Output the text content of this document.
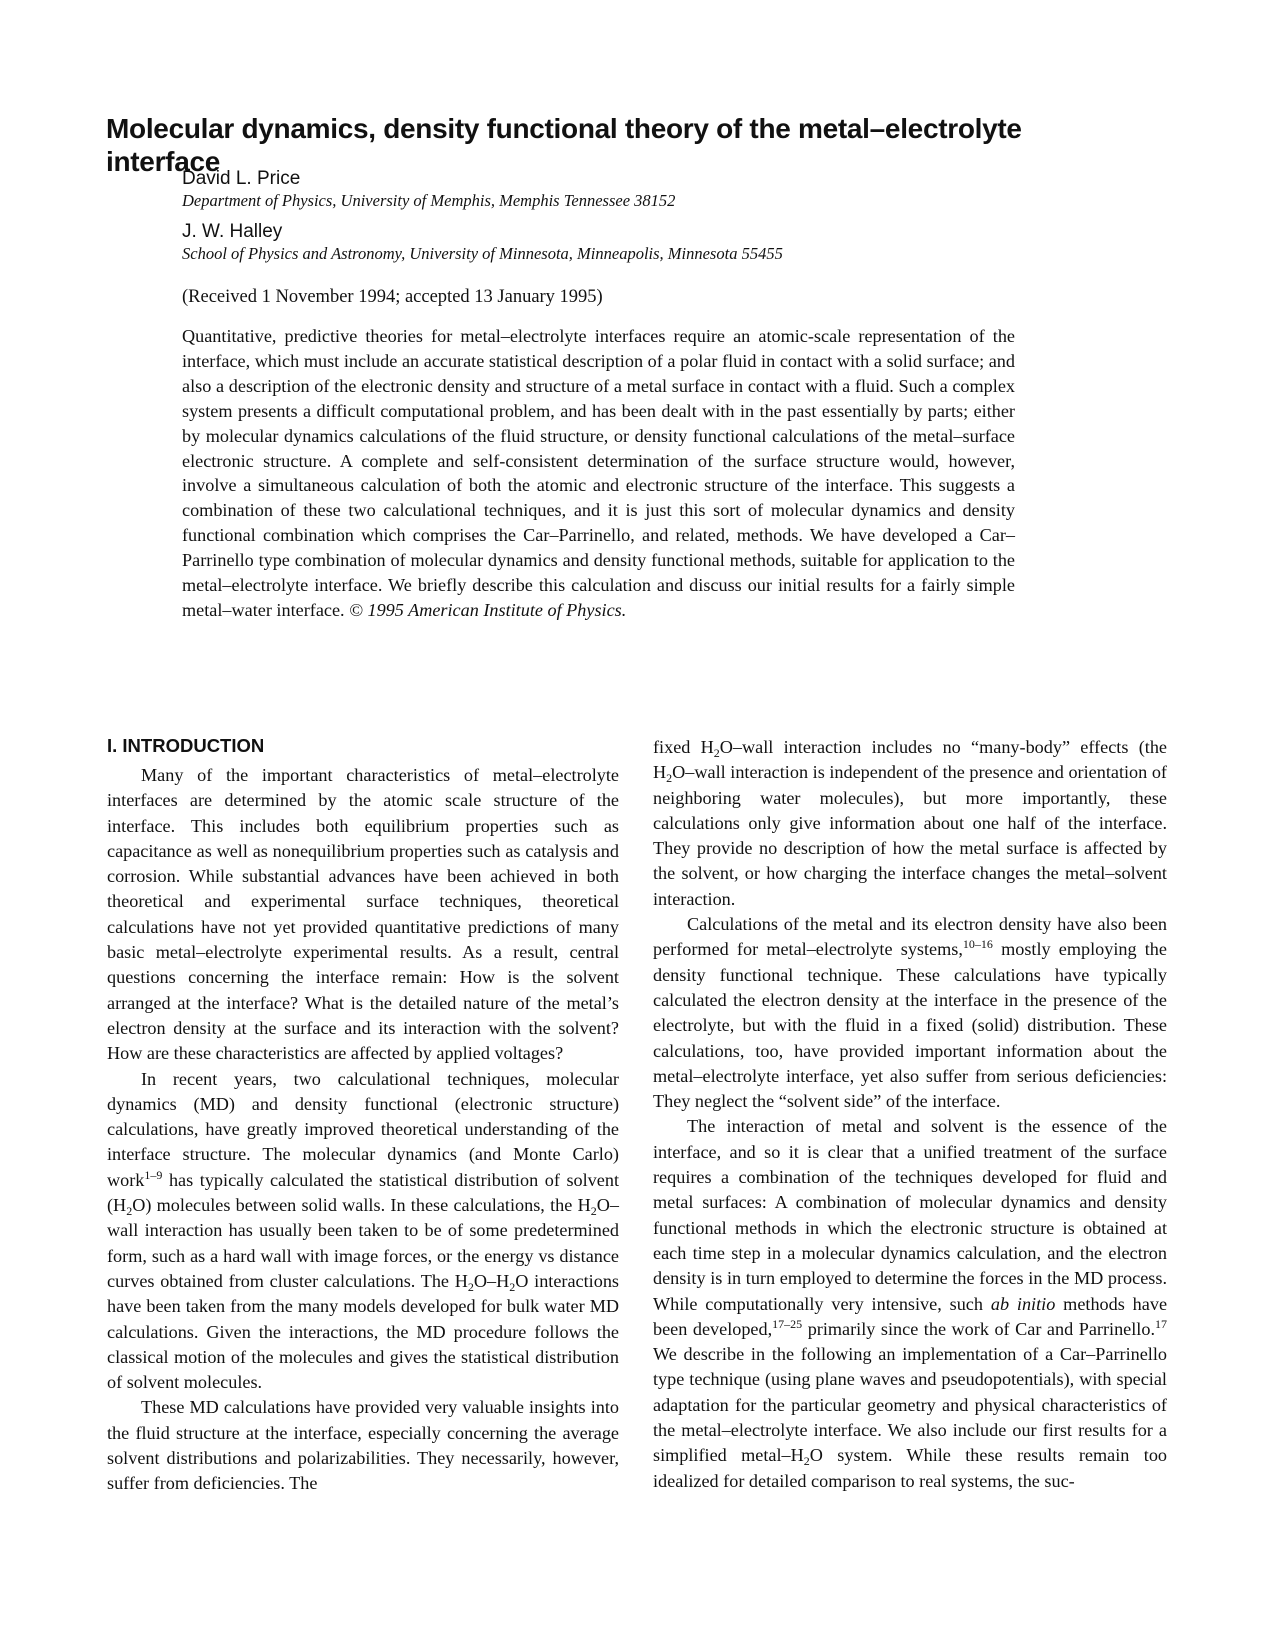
Molecular dynamics, density functional theory of the metal–electrolyte interface
David L. Price
Department of Physics, University of Memphis, Memphis Tennessee 38152
J. W. Halley
School of Physics and Astronomy, University of Minnesota, Minneapolis, Minnesota 55455
(Received 1 November 1994; accepted 13 January 1995)
Quantitative, predictive theories for metal–electrolyte interfaces require an atomic-scale representation of the interface, which must include an accurate statistical description of a polar fluid in contact with a solid surface; and also a description of the electronic density and structure of a metal surface in contact with a fluid. Such a complex system presents a difficult computational problem, and has been dealt with in the past essentially by parts; either by molecular dynamics calculations of the fluid structure, or density functional calculations of the metal–surface electronic structure. A complete and self-consistent determination of the surface structure would, however, involve a simultaneous calculation of both the atomic and electronic structure of the interface. This suggests a combination of these two calculational techniques, and it is just this sort of molecular dynamics and density functional combination which comprises the Car–Parrinello, and related, methods. We have developed a Car–Parrinello type combination of molecular dynamics and density functional methods, suitable for application to the metal–electrolyte interface. We briefly describe this calculation and discuss our initial results for a fairly simple metal–water interface. © 1995 American Institute of Physics.
I. INTRODUCTION

Many of the important characteristics of metal–electrolyte interfaces are determined by the atomic scale structure of the interface. This includes both equilibrium properties such as capacitance as well as nonequilibrium properties such as catalysis and corrosion. While substantial advances have been achieved in both theoretical and experimental surface techniques, theoretical calculations have not yet provided quantitative predictions of many basic metal–electrolyte experimental results. As a result, central questions concerning the interface remain: How is the solvent arranged at the interface? What is the detailed nature of the metal’s electron density at the surface and its interaction with the solvent? How are these characteristics are affected by applied voltages?

In recent years, two calculational techniques, molecular dynamics (MD) and density functional (electronic structure) calculations, have greatly improved theoretical understanding of the interface structure. The molecular dynamics (and Monte Carlo) work$^{1-9}$ has typically calculated the statistical distribution of solvent $(H_2O)$ molecules between solid walls. In these calculations, the $H_2O$–wall interaction has usually been taken to be of some predetermined form, such as a hard wall with image forces, or the energy vs distance curves obtained from cluster calculations. The $H_2O-H_2O$ interactions have been taken from the many models developed for bulk water MD calculations. Given the interactions, the MD procedure follows the classical motion of the molecules and gives the statistical distribution of solvent molecules.

These MD calculations have provided very valuable insights into the fluid structure at the interface, especially concerning the average solvent distributions and polarizabilities. They necessarily, however, suffer from deficiencies. The

fixed $H_2O$–wall interaction includes no “many-body” effects (the $H_2O$–wall interaction is independent of the presence and orientation of neighboring water molecules), but more importantly, these calculations only give information about one half of the interface. They provide no description of how the metal surface is affected by the solvent, or how charging the interface changes the metal–solvent interaction.

Calculations of the metal and its electron density have also been performed for metal–electrolyte systems,$^{10-16}$ mostly employing the density functional technique. These calculations have typically calculated the electron density at the interface in the presence of the electrolyte, but with the fluid in a fixed (solid) distribution. These calculations, too, have provided important information about the metal–electrolyte interface, yet also suffer from serious deficiencies: They neglect the “solvent side” of the interface.

The interaction of metal and solvent is the essence of the interface, and so it is clear that a unified treatment of the surface requires a combination of the techniques developed for fluid and metal surfaces: A combination of molecular dynamics and density functional methods in which the electronic structure is obtained at each time step in a molecular dynamics calculation, and the electron density is in turn employed to determine the forces in the MD process. While computationally very intensive, such ab initio methods have been developed,$^{17-25}$ primarily since the work of Car and Parrinello.$^{17}$ We describe in the following an implementation of a Car–Parrinello type technique (using plane waves and pseudopotentials), with special adaptation for the particular geometry and physical characteristics of the metal–electrolyte interface. We also include our first results for a simplified metal–$H_2O$ system. While these results remain too idealized for detailed comparison to real systems, the suc-
